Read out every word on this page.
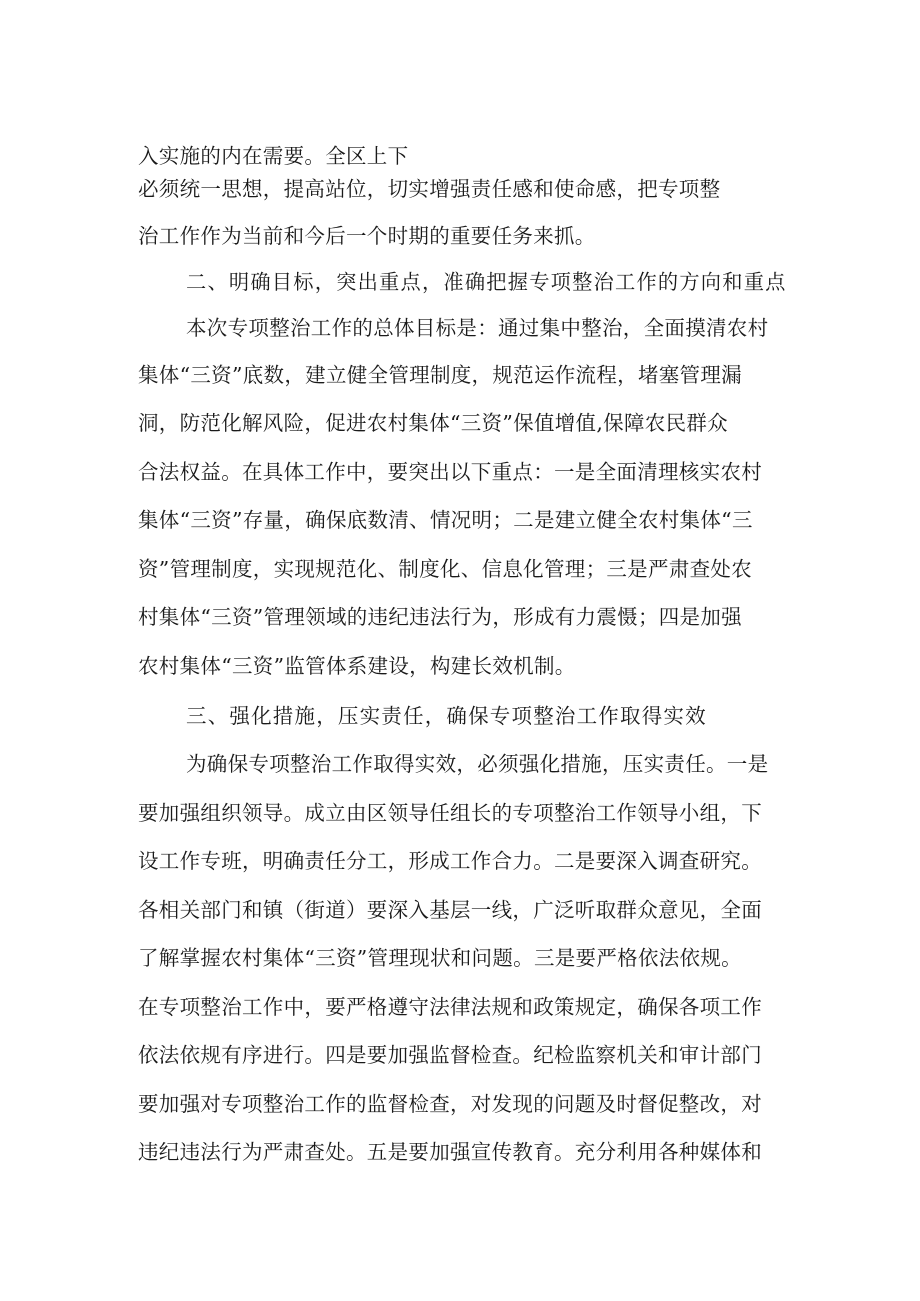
入实施的内在需要。全区上下
必须统一思想，提高站位，切实增强责任感和使命感，把专项整
治工作作为当前和今后一个时期的重要任务来抓。
二、明确目标，突出重点，准确把握专项整治工作的方向和重点
本次专项整治工作的总体目标是：通过集中整治，全面摸清农村
集体“三资”底数，建立健全管理制度，规范运作流程，堵塞管理漏
洞，防范化解风险，促进农村集体“三资”保值增值,保障农民群众
合法权益。在具体工作中，要突出以下重点：一是全面清理核实农村
集体“三资”存量，确保底数清、情况明；二是建立健全农村集体“三
资”管理制度，实现规范化、制度化、信息化管理；三是严肃查处农
村集体“三资”管理领域的违纪违法行为，形成有力震慑；四是加强
农村集体“三资”监管体系建设，构建长效机制。
三、强化措施，压实责任，确保专项整治工作取得实效
为确保专项整治工作取得实效，必须强化措施，压实责任。一是
要加强组织领导。成立由区领导任组长的专项整治工作领导小组，下
设工作专班，明确责任分工，形成工作合力。二是要深入调查研究。
各相关部门和镇（街道）要深入基层一线，广泛听取群众意见，全面
了解掌握农村集体“三资”管理现状和问题。三是要严格依法依规。
在专项整治工作中，要严格遵守法律法规和政策规定，确保各项工作
依法依规有序进行。四是要加强监督检查。纪检监察机关和审计部门
要加强对专项整治工作的监督检查，对发现的问题及时督促整改，对
违纪违法行为严肃查处。五是要加强宣传教育。充分利用各种媒体和
